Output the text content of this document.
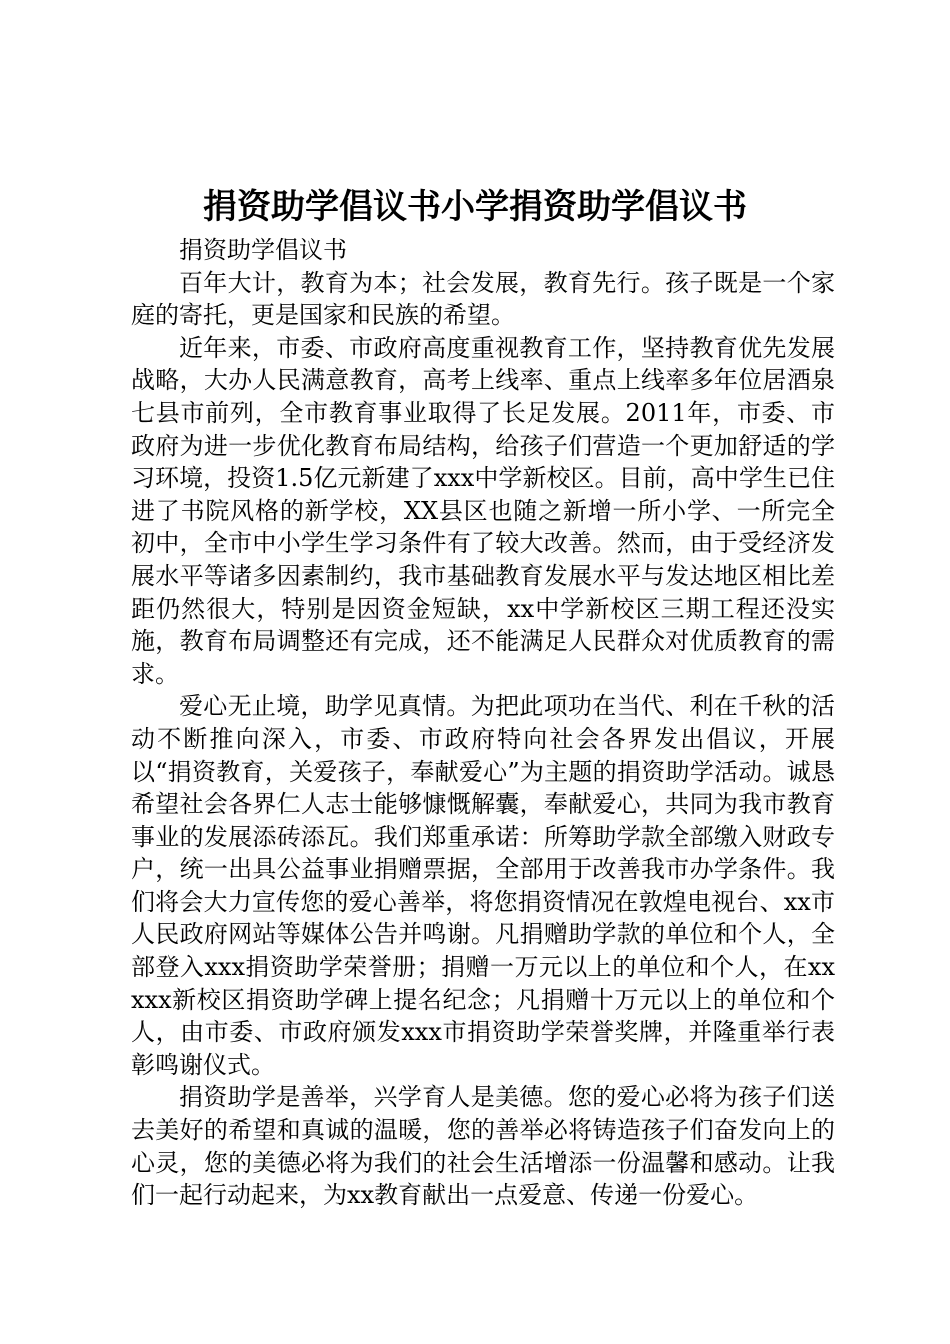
捐资助学倡议书小学捐资助学倡议书

捐资助学倡议书

百年大计，教育为本；社会发展，教育先行。孩子既是一个家庭的寄托，更是国家和民族的希望。

近年来，市委、市政府高度重视教育工作，坚持教育优先发展战略，大办人民满意教育，高考上线率、重点上线率多年位居酒泉七县市前列，全市教育事业取得了长足发展。2011年，市委、市政府为进一步优化教育布局结构，给孩子们营造一个更加舒适的学习环境，投资1.5亿元新建了xxx中学新校区。目前，高中学生已住进了书院风格的新学校，XX县区也随之新增一所小学、一所完全初中，全市中小学生学习条件有了较大改善。然而，由于受经济发展水平等诸多因素制约，我市基础教育发展水平与发达地区相比差距仍然很大，特别是因资金短缺，xx中学新校区三期工程还没实施，教育布局调整还有完成，还不能满足人民群众对优质教育的需求。

爱心无止境，助学见真情。为把此项功在当代、利在千秋的活动不断推向深入，市委、市政府特向社会各界发出倡议，开展以“捐资教育，关爱孩子，奉献爱心”为主题的捐资助学活动。诚恳希望社会各界仁人志士能够慷慨解囊，奉献爱心，共同为我市教育事业的发展添砖添瓦。我们郑重承诺：所筹助学款全部缴入财政专户，统一出具公益事业捐赠票据，全部用于改善我市办学条件。我们将会大力宣传您的爱心善举，将您捐资情况在敦煌电视台、xx市人民政府网站等媒体公告并鸣谢。凡捐赠助学款的单位和个人，全部登入xxx捐资助学荣誉册；捐赠一万元以上的单位和个人，在xxxxx新校区捐资助学碑上提名纪念；凡捐赠十万元以上的单位和个人，由市委、市政府颁发xxx市捐资助学荣誉奖牌，并隆重举行表彰鸣谢仪式。

捐资助学是善举，兴学育人是美德。您的爱心必将为孩子们送去美好的希望和真诚的温暖，您的善举必将铸造孩子们奋发向上的心灵，您的美德必将为我们的社会生活增添一份温馨和感动。让我们一起行动起来，为xx教育献出一点爱意、传递一份爱心。
